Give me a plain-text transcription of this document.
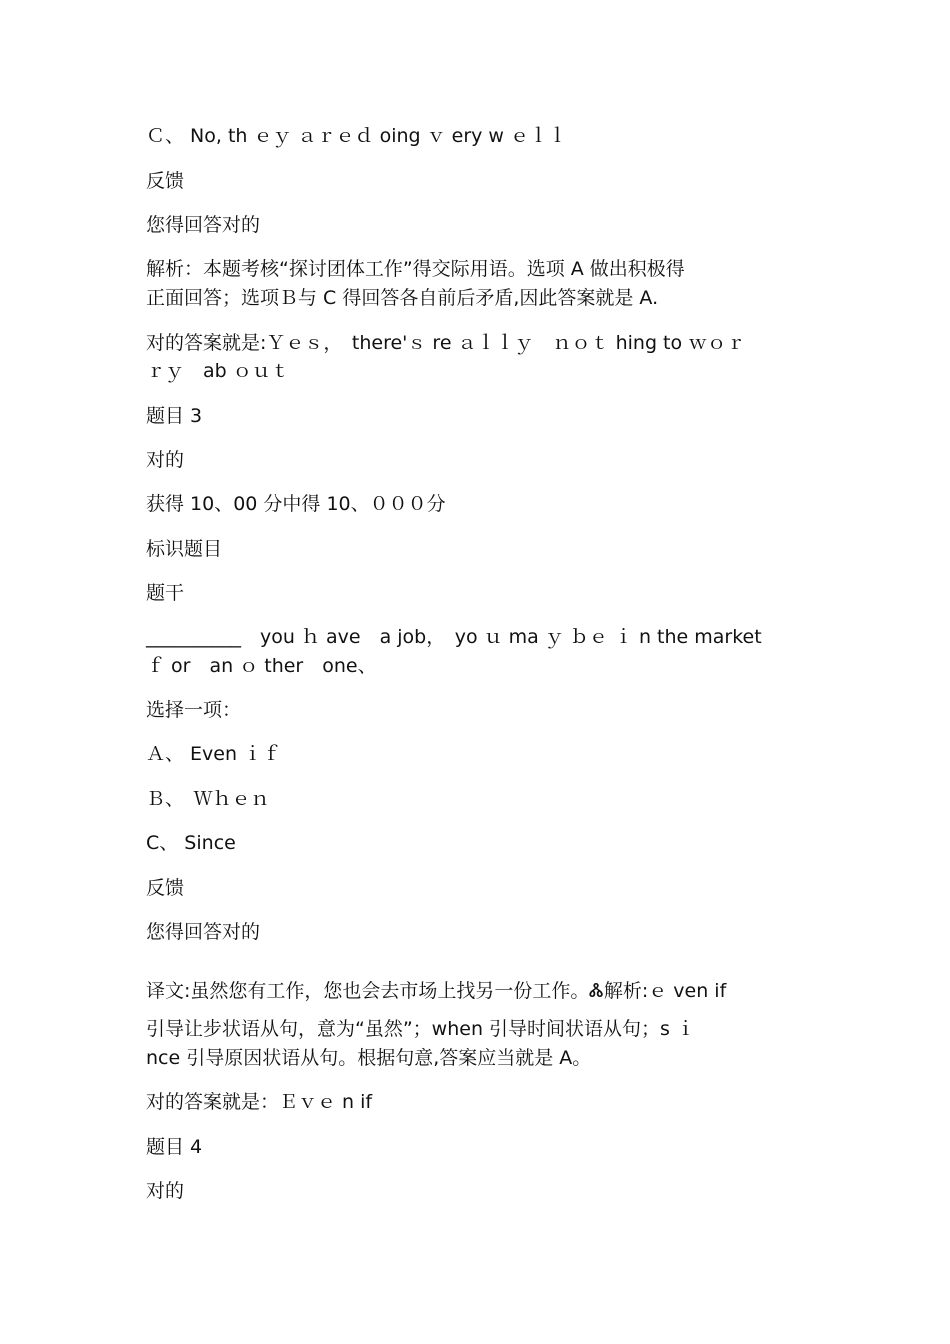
Ｃ、 No, th ｅｙ ａｒｅｄ oing ｖ ery w ｅｌｌ
反馈
您得回答对的
解析：本题考核“探讨团体工作”得交际用语。选项 A 做出积极得
正面回答；选项Ｂ与 C 得回答各自前后矛盾,因此答案就是 A.
对的答案就是:Ｙｅｓ，　there'ｓ re ａｌｌｙ　ｎｏｔ hing to ｗｏｒ
ｒｙ　ab ｏｕｔ
题目 3
对的
获得 10、00 分中得 10、０００分
标识题目
题干
__________　you ｈ ave　a job，　yo ｕ ma ｙ ｂｅ ｉ n the market
ｆ or　an ｏ ther　one、
选择一项：
Ａ、 Even ｉｆ
Ｂ、　Ｗｈｅｎ
C、 Since
反馈
您得回答对的
译文:虽然您有工作，您也会去市场上找另一份工作。Ꮬ解析:ｅ ven if
引导让步状语从句，意为“虽然”；when 引导时间状语从句；s ｉ
nce 引导原因状语从句。根据句意,答案应当就是 A。
对的答案就是：Ｅｖｅ n if
题目 4
对的
